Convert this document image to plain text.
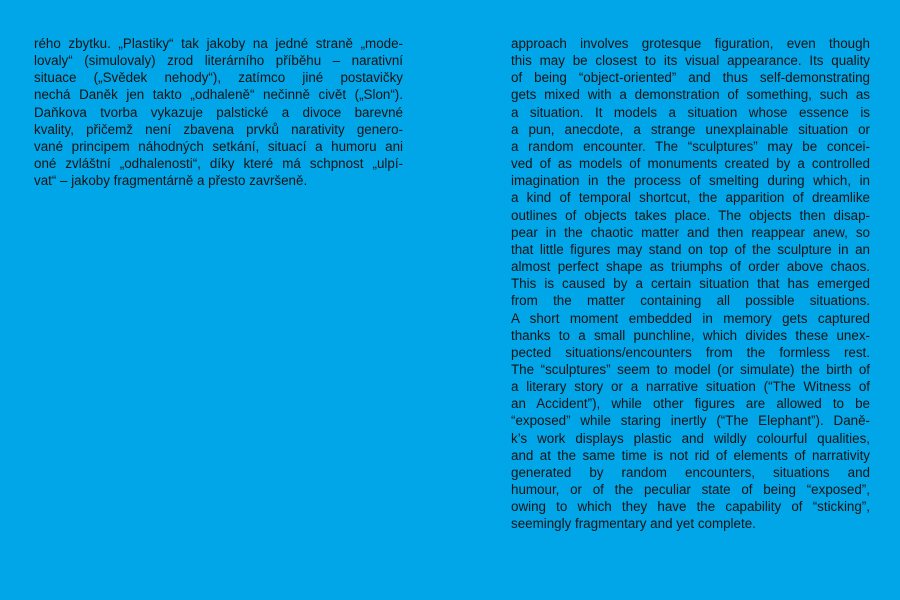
rého zbytku. „Plastiky“ tak jakoby na jedné straně „mode-
lovaly“ (simulovaly) zrod literárního příběhu – narativní
situace („Svědek nehody“), zatímco jiné postavičky
nechá Daněk jen takto „odhaleně“ nečinně civět („Slon“).
Daňkova tvorba vykazuje palstické a divoce barevné
kvality, přičemž není zbavena prvků narativity genero-
vané principem náhodných setkání, situací a humoru ani
oné zvláštní „odhalenosti“, díky které má schpnost „ulpí-
vat“ – jakoby fragmentárně a přesto završeně.
approach involves grotesque figuration, even though
this may be closest to its visual appearance. Its quality
of being “object-oriented” and thus self-demonstrating
gets mixed with a demonstration of something, such as
a situation. It models a situation whose essence is
a pun, anecdote, a strange unexplainable situation or
a random encounter. The “sculptures” may be concei-
ved of as models of monuments created by a controlled
imagination in the process of smelting during which, in
a kind of temporal shortcut, the apparition of dreamlike
outlines of objects takes place. The objects then disap-
pear in the chaotic matter and then reappear anew, so
that little figures may stand on top of the sculpture in an
almost perfect shape as triumphs of order above chaos.
This is caused by a certain situation that has emerged
from the matter containing all possible situations.
A short moment embedded in memory gets captured
thanks to a small punchline, which divides these unex-
pected situations/encounters from the formless rest.
The “sculptures” seem to model (or simulate) the birth of
a literary story or a narrative situation (“The Witness of
an Accident”), while other figures are allowed to be
“exposed” while staring inertly (“The Elephant”). Daně-
k’s work displays plastic and wildly colourful qualities,
and at the same time is not rid of elements of narrativity
generated by random encounters, situations and
humour, or of the peculiar state of being “exposed”,
owing to which they have the capability of “sticking”,
seemingly fragmentary and yet complete.
